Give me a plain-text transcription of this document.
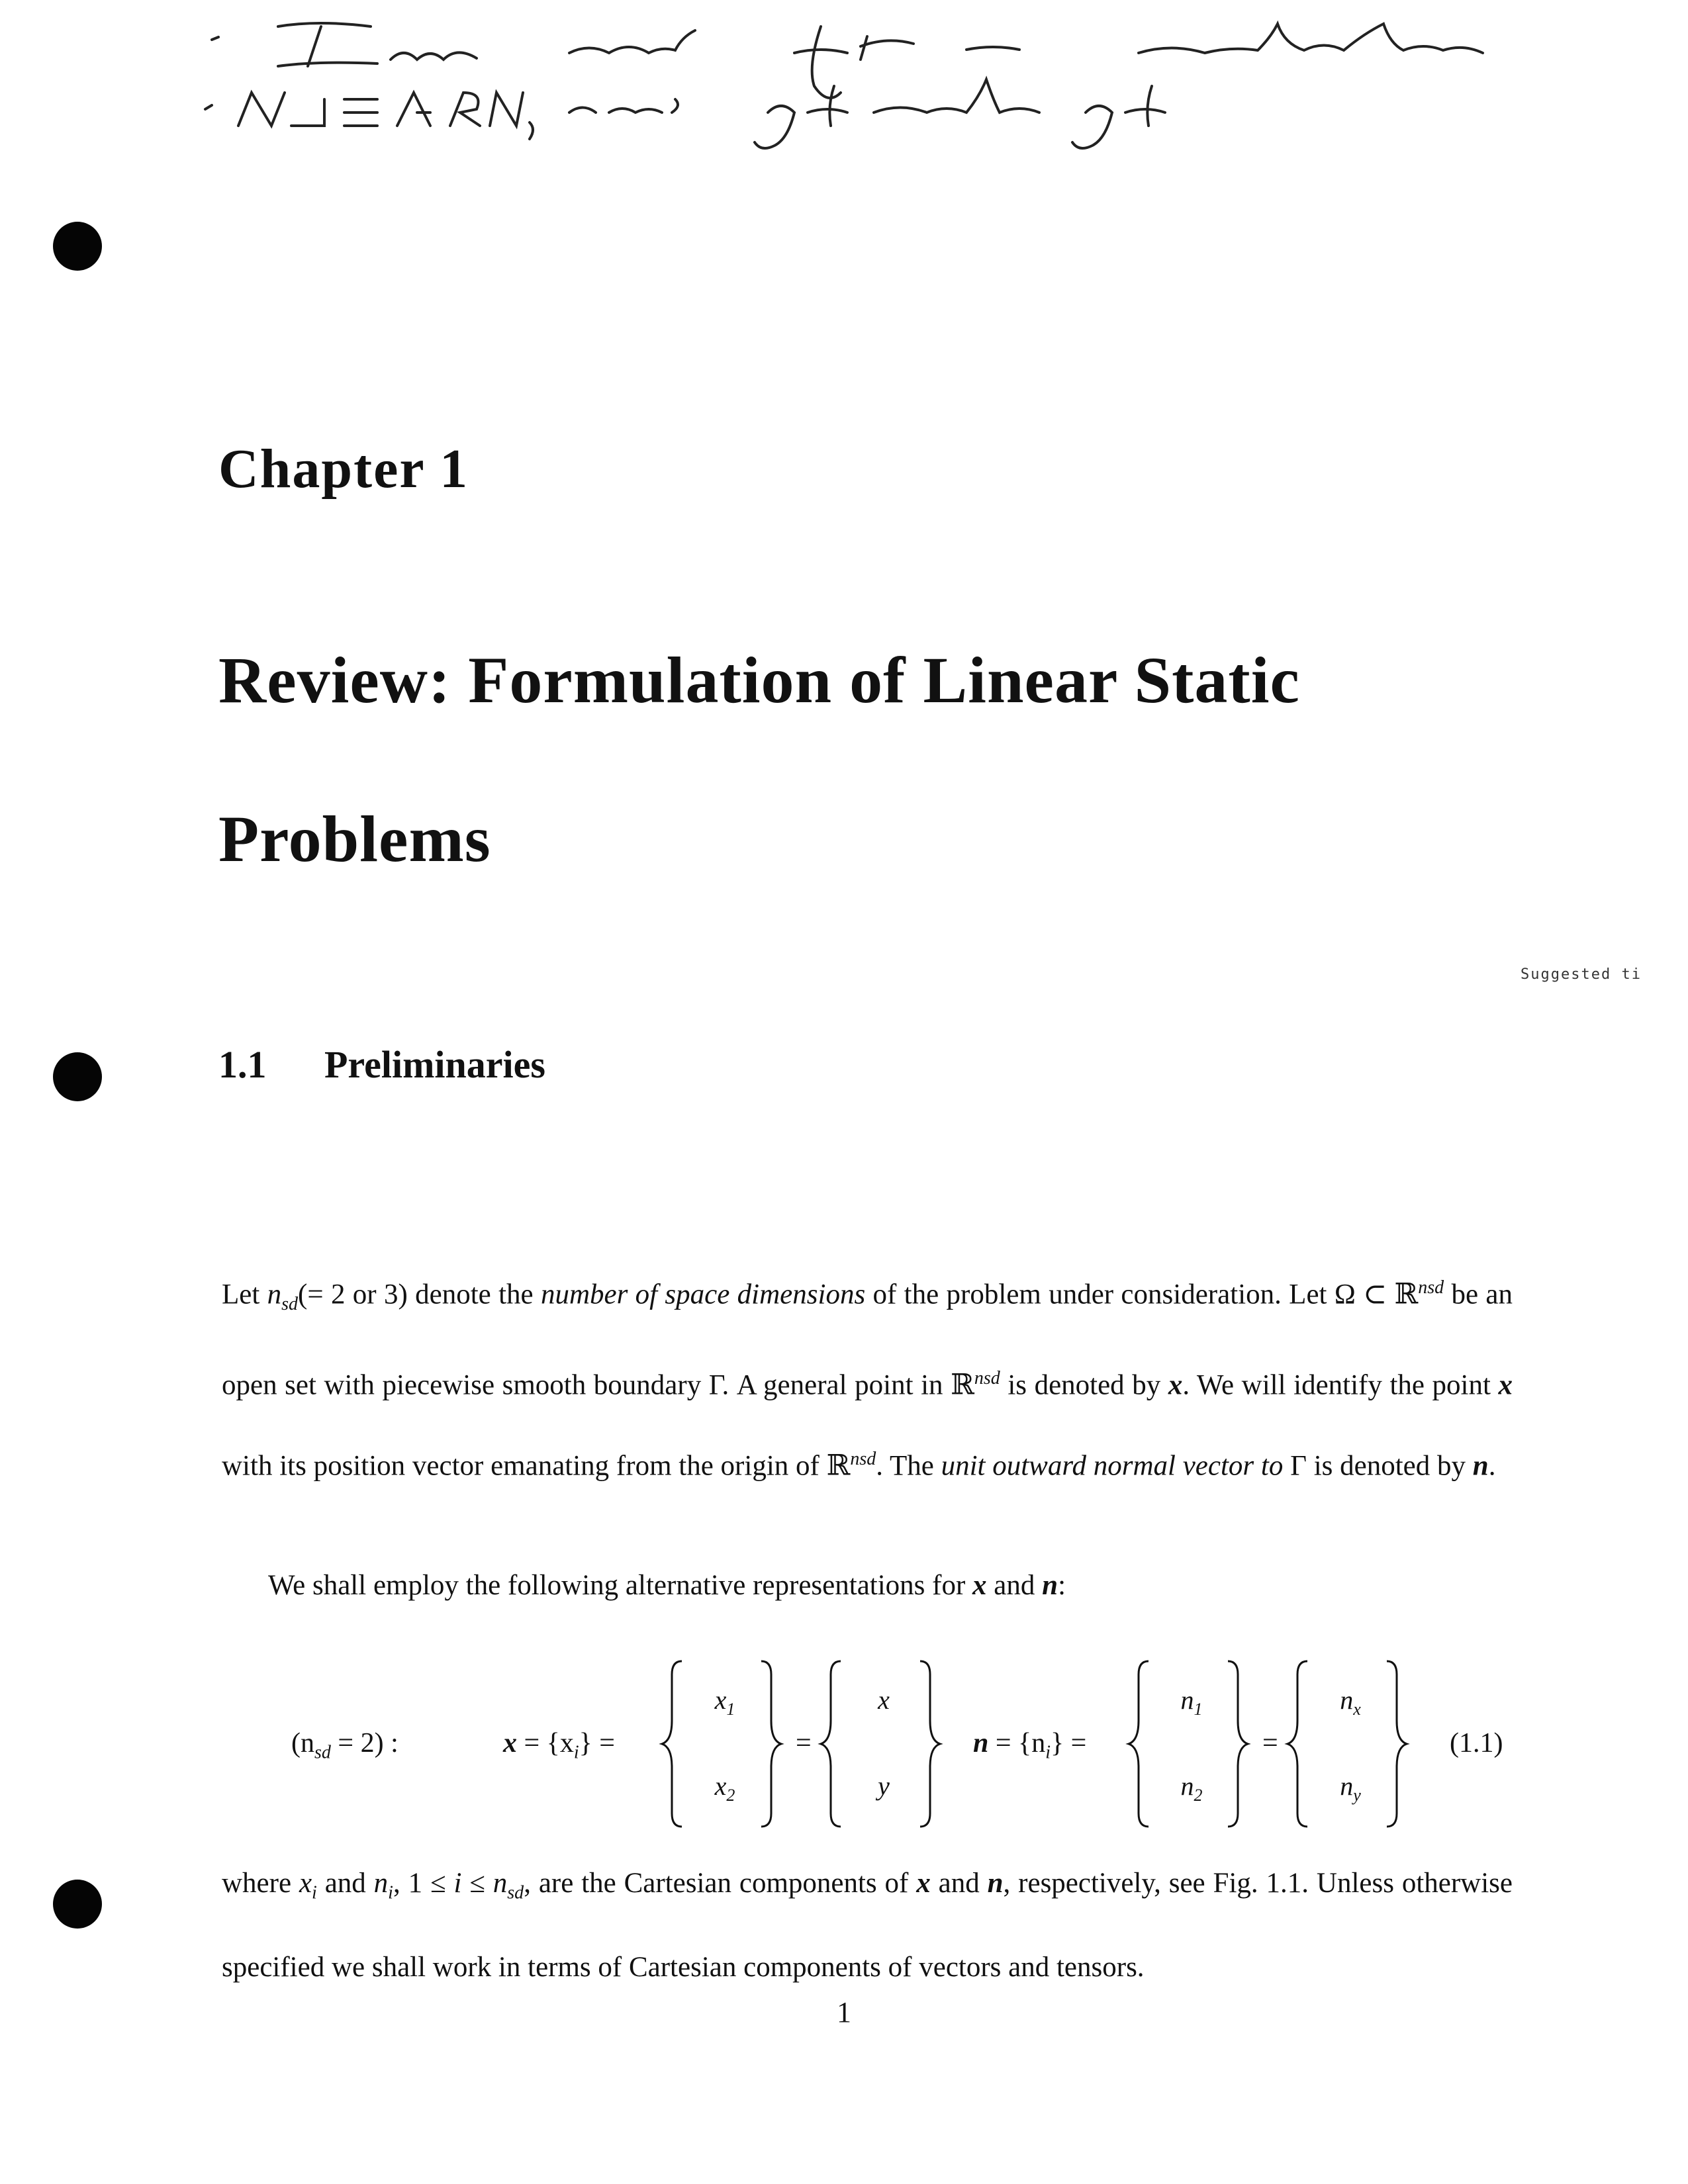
Chapter 1
Review: Formulation of Linear Static
Problems
Suggested ti
1.1 Preliminaries
Let $n_{sd}(= 2$ or 3) denote the number of space dimensions of the problem under consideration. Let Ω ⊂ ℝ$^{nsd}$ be an open set with piecewise smooth boundary Γ. A general point in ℝ$^{nsd}$ is denoted by x. We will identify the point x with its position vector emanating from the origin of ℝ$^{nsd}$. The unit outward normal vector to Γ is denoted by n.
We shall employ the following alternative representations for x and n:
$(n_{sd} = 2)$ :	$x = \{x_i\}$ =
$x_1$
$x_2$
=
x
y
$n = \{n_i\}$ =
$n_1$
$n_2$
=
$n_x$
$n_y$
(1.1)
where $x_i$ and $n_i$, $1 \le i \le n_{sd}$, are the Cartesian components of x and n, respectively, see Fig. 1.1. Unless otherwise specified we shall work in terms of Cartesian components of vectors and tensors.
1
